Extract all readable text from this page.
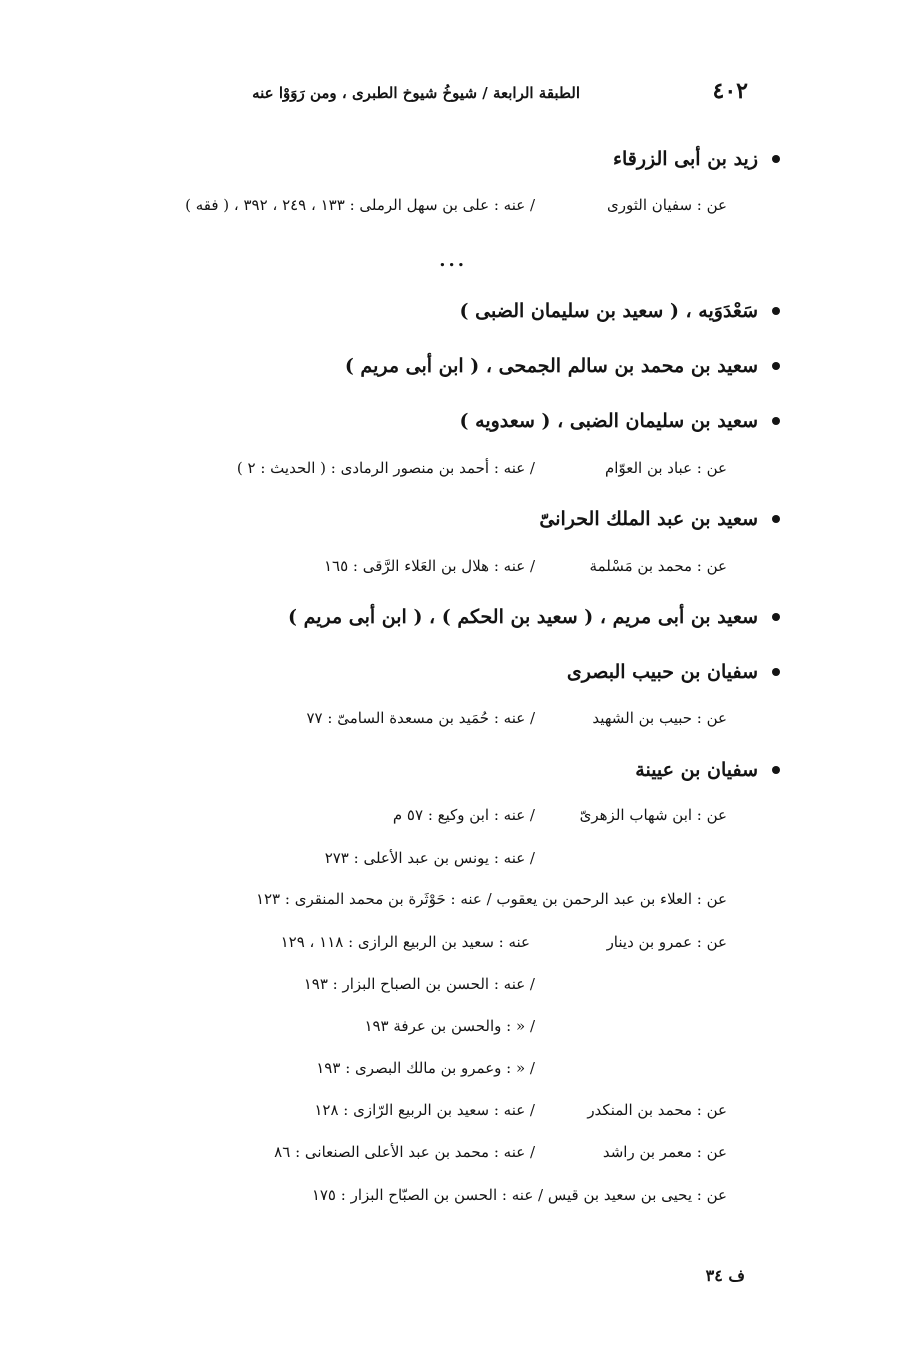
٤٠٢
الطبقة الرابعة / شيوخُ شيوخ الطبرى ، ومن رَوَوْا عنه
زيد بن أبى الزرقاء
عن : سفيان الثورى
/ عنه : على بن سهل الرملى : ١٣٣ ، ٢٤٩ ، ٣٩٢ ، ( فقه )
...
سَعْدَوَيه ، ( سعيد بن سليمان الضبى )
سعيد بن محمد بن سالم الجمحى ، ( ابن أبى مريم )
سعيد بن سليمان الضبى ، ( سعدويه )
عن : عباد بن العوّام
/ عنه : أحمد بن منصور الرمادى : ( الحديث : ٢ )
سعيد بن عبد الملك الحرانىّ
عن : محمد بن مَسْلمة
/ عنه : هلال بن العَلاء الرَّقى : ١٦٥
سعيد بن أبى مريم ، ( سعيد بن الحكم ) ، ( ابن أبى مريم )
سفيان بن حبيب البصرى
عن : حبيب بن الشهيد
/ عنه : حُمَيد بن مسعدة السامىّ : ٧٧
سفيان بن عيينة
عن : ابن شهاب الزهرىّ
/ عنه : ابن وكيع : ٥٧ م
/ عنه : يونس بن عبد الأعلى : ٢٧٣
عن : العلاء بن عبد الرحمن بن يعقوب / عنه : حَوْثَرة بن محمد المنقرى : ١٢٣
عن : عمرو بن دينار
عنه : سعيد بن الربيع الرازى : ١١٨ ، ١٢٩
/ عنه : الحسن بن الصباح البزار : ١٩٣
/ « : والحسن بن عرفة ١٩٣
/ « : وعمرو بن مالك البصرى : ١٩٣
عن : محمد بن المنكدر
/ عنه : سعيد بن الربيع الرّازى : ١٢٨
عن : معمر بن راشد
/ عنه : محمد بن عبد الأعلى الصنعانى : ٨٦
عن : يحيى بن سعيد بن قيس / عنه : الحسن بن الصبّاح البزار : ١٧٥
ف ٣٤
